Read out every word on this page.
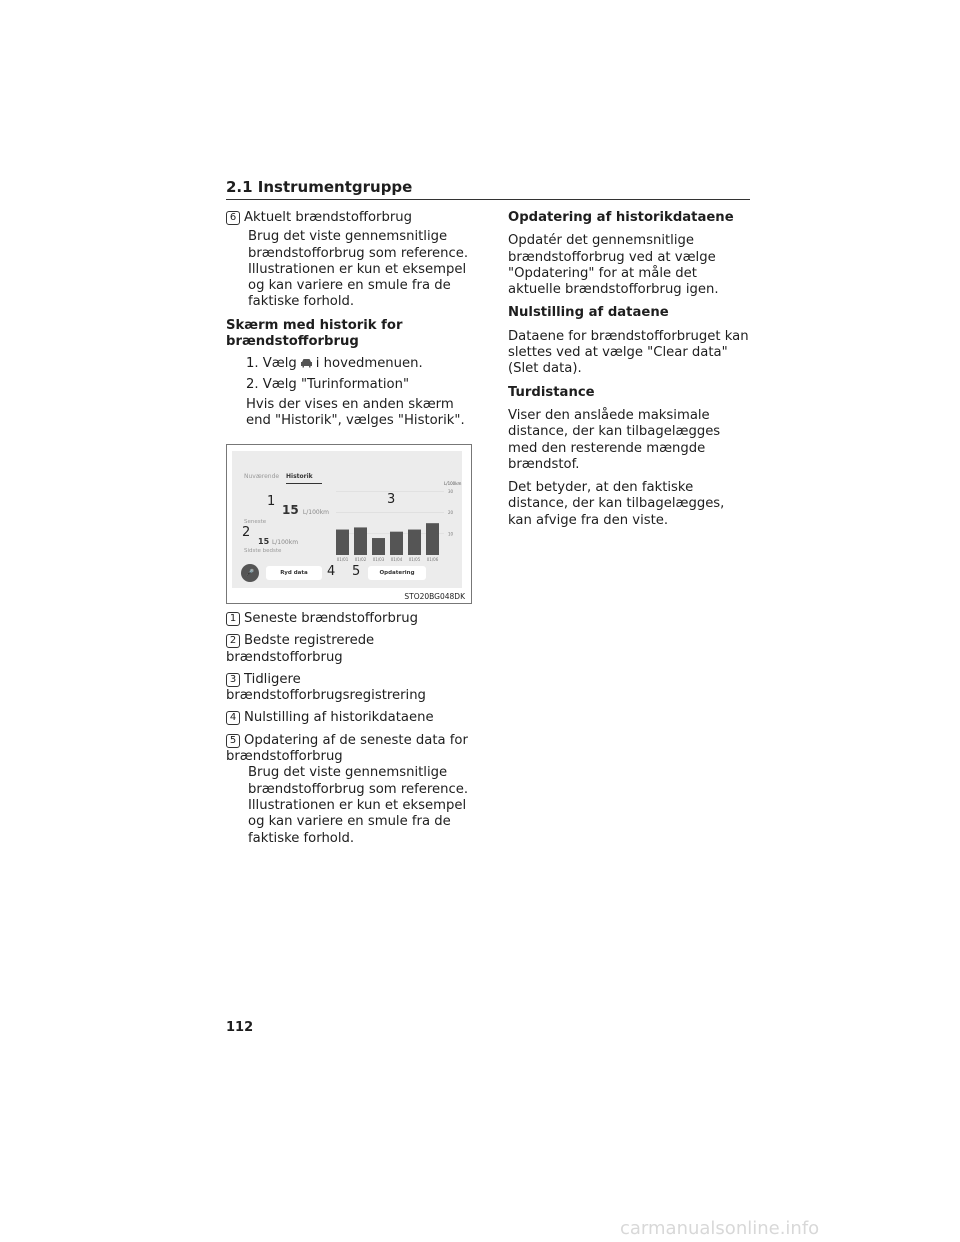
2.1 Instrumentgruppe

6 Aktuelt brændstofforbrug

Brug det viste gennemsnitlige brændstofforbrug som reference. Illustrationen er kun et eksempel og kan variere en smule fra de faktiske forhold.

Skærm med historik for brændstofforbrug

1. Vælg i hovedmenuen.

2. Vælg "Turinformation"

Hvis der vises en anden skærm end "Historik", vælges "Historik".

Nuværende Historik
15 L/100km
Seneste
15 L/100km
Sidste bedste
L/100km
30
20
10
01/01 01/02 01/03 01/04 01/05 01/06
🎤	Ryd data	Opdatering
1
2
3
4 5
STO20BG048DK

1 Seneste brændstofforbrug

2 Bedste registrerede brændstofforbrug

3 Tidligere brændstofforbrugsregistrering

4 Nulstilling af historikdataene

5 Opdatering af de seneste data for brændstofforbrug

Brug det viste gennemsnitlige brændstofforbrug som reference. Illustrationen er kun et eksempel og kan variere en smule fra de faktiske forhold.

Opdatering af historikdataene

Opdatér det gennemsnitlige brændstofforbrug ved at vælge "Opdatering" for at måle det aktuelle brændstofforbrug igen.

Nulstilling af dataene

Dataene for brændstofforbruget kan slettes ved at vælge "Clear data" (Slet data).

Turdistance

Viser den anslåede maksimale distance, der kan tilbagelægges med den resterende mængde brændstof.

Det betyder, at den faktiske distance, der kan tilbagelægges, kan afvige fra den viste.

112
carmanualsonline.info
